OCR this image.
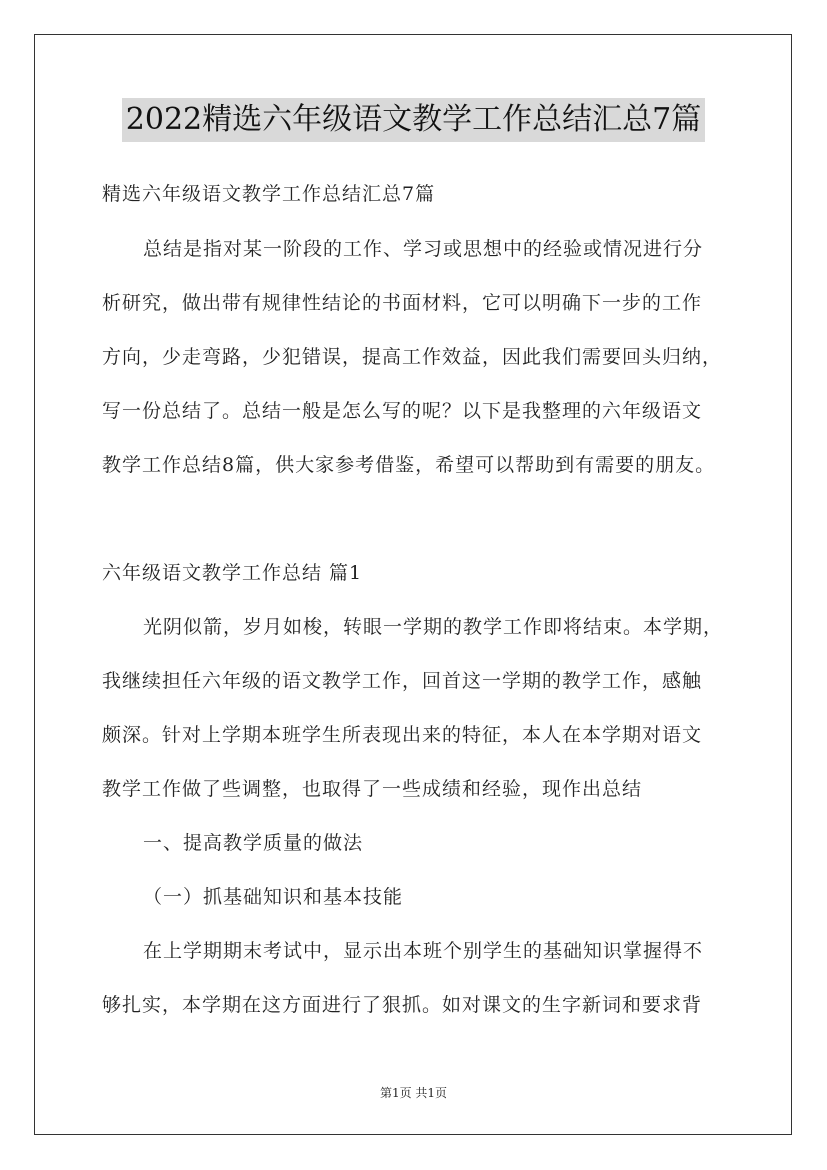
2022精选六年级语文教学工作总结汇总7篇
精选六年级语文教学工作总结汇总7篇
总结是指对某一阶段的工作、学习或思想中的经验或情况进行分
析研究，做出带有规律性结论的书面材料，它可以明确下一步的工作
方向，少走弯路，少犯错误，提高工作效益，因此我们需要回头归纳，
写一份总结了。总结一般是怎么写的呢？以下是我整理的六年级语文
教学工作总结8篇，供大家参考借鉴，希望可以帮助到有需要的朋友。
六年级语文教学工作总结 篇1
光阴似箭，岁月如梭，转眼一学期的教学工作即将结束。本学期，
我继续担任六年级的语文教学工作，回首这一学期的教学工作，感触
颇深。针对上学期本班学生所表现出来的特征，本人在本学期对语文
教学工作做了些调整，也取得了一些成绩和经验，现作出总结
一、提高教学质量的做法
（一）抓基础知识和基本技能
在上学期期末考试中，显示出本班个别学生的基础知识掌握得不
够扎实，本学期在这方面进行了狠抓。如对课文的生字新词和要求背
第1页 共1页
